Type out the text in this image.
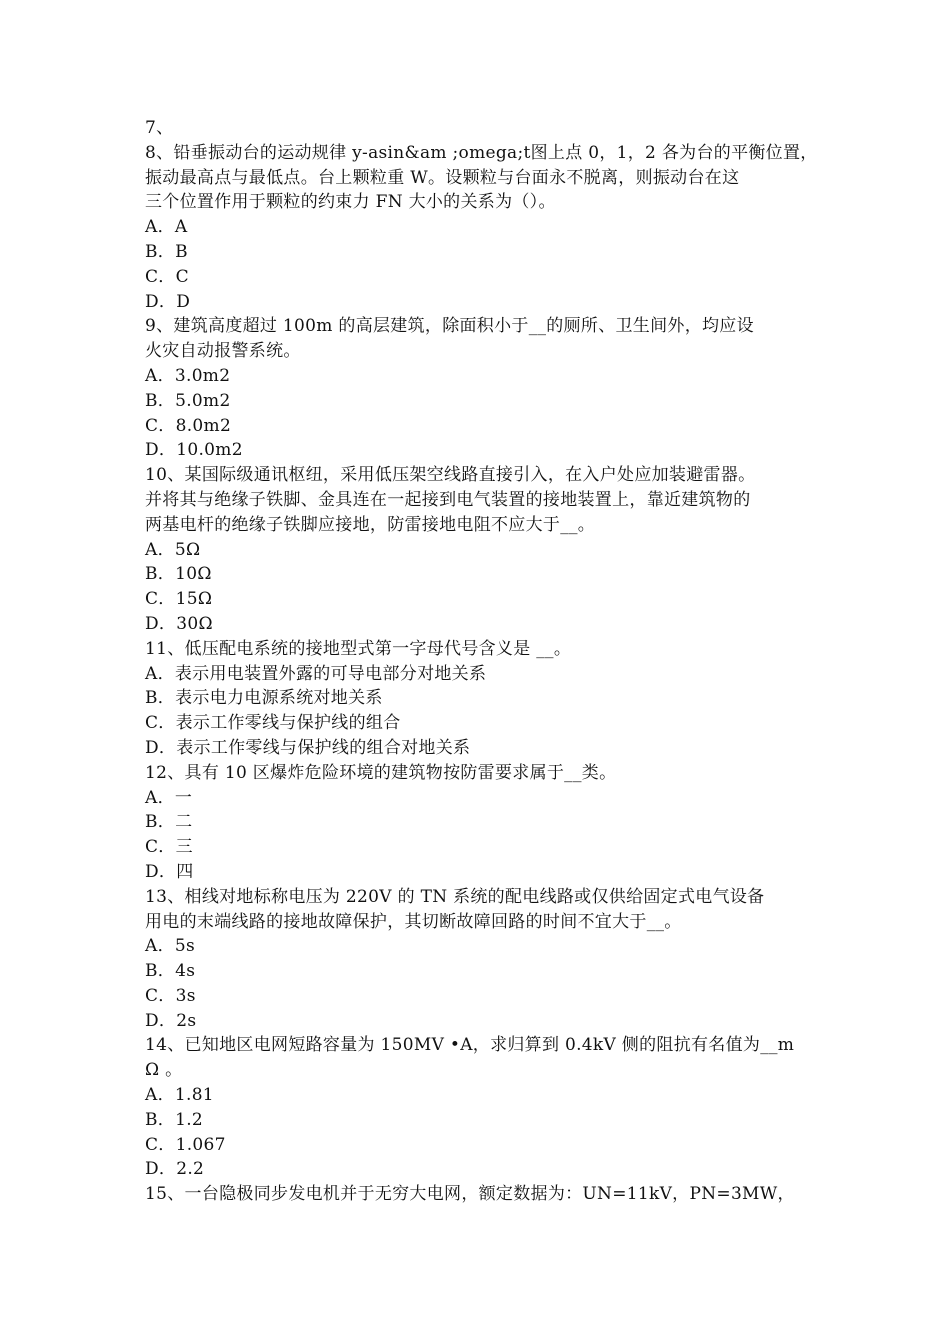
7、
8、铅垂振动台的运动规律 y-asin&am ;omega;t图上点 0，1，2 各为台的平衡位置，
振动最高点与最低点。台上颗粒重 W。设颗粒与台面永不脱离，则振动台在这
三个位置作用于颗粒的约束力 FN 大小的关系为（）。
A．A
B．B
C．C
D．D
9、建筑高度超过 100m 的高层建筑，除面积小于__的厕所、卫生间外，均应设
火灾自动报警系统。
A．3.0m2
B．5.0m2
C．8.0m2
D．10.0m2
10、某国际级通讯枢纽，采用低压架空线路直接引入，在入户处应加装避雷器。
并将其与绝缘子铁脚、金具连在一起接到电气装置的接地装置上，靠近建筑物的
两基电杆的绝缘子铁脚应接地，防雷接地电阻不应大于__。
A．5Ω
B．10Ω
C．15Ω
D．30Ω
11、低压配电系统的接地型式第一字母代号含义是 __。
A．表示用电装置外露的可导电部分对地关系
B．表示电力电源系统对地关系
C．表示工作零线与保护线的组合
D．表示工作零线与保护线的组合对地关系
12、具有 10 区爆炸危险环境的建筑物按防雷要求属于__类。
A．一
B．二
C．三
D．四
13、相线对地标称电压为 220V 的 TN 系统的配电线路或仅供给固定式电气设备
用电的末端线路的接地故障保护，其切断故障回路的时间不宜大于__。
A．5s
B．4s
C．3s
D．2s
14、已知地区电网短路容量为 150MV •A，求归算到 0.4kV 侧的阻抗有名值为__m
Ω 。
A．1.81
B．1.2
C．1.067
D．2.2
15、一台隐极同步发电机并于无穷大电网，额定数据为：UN=11kV，PN=3MW，
